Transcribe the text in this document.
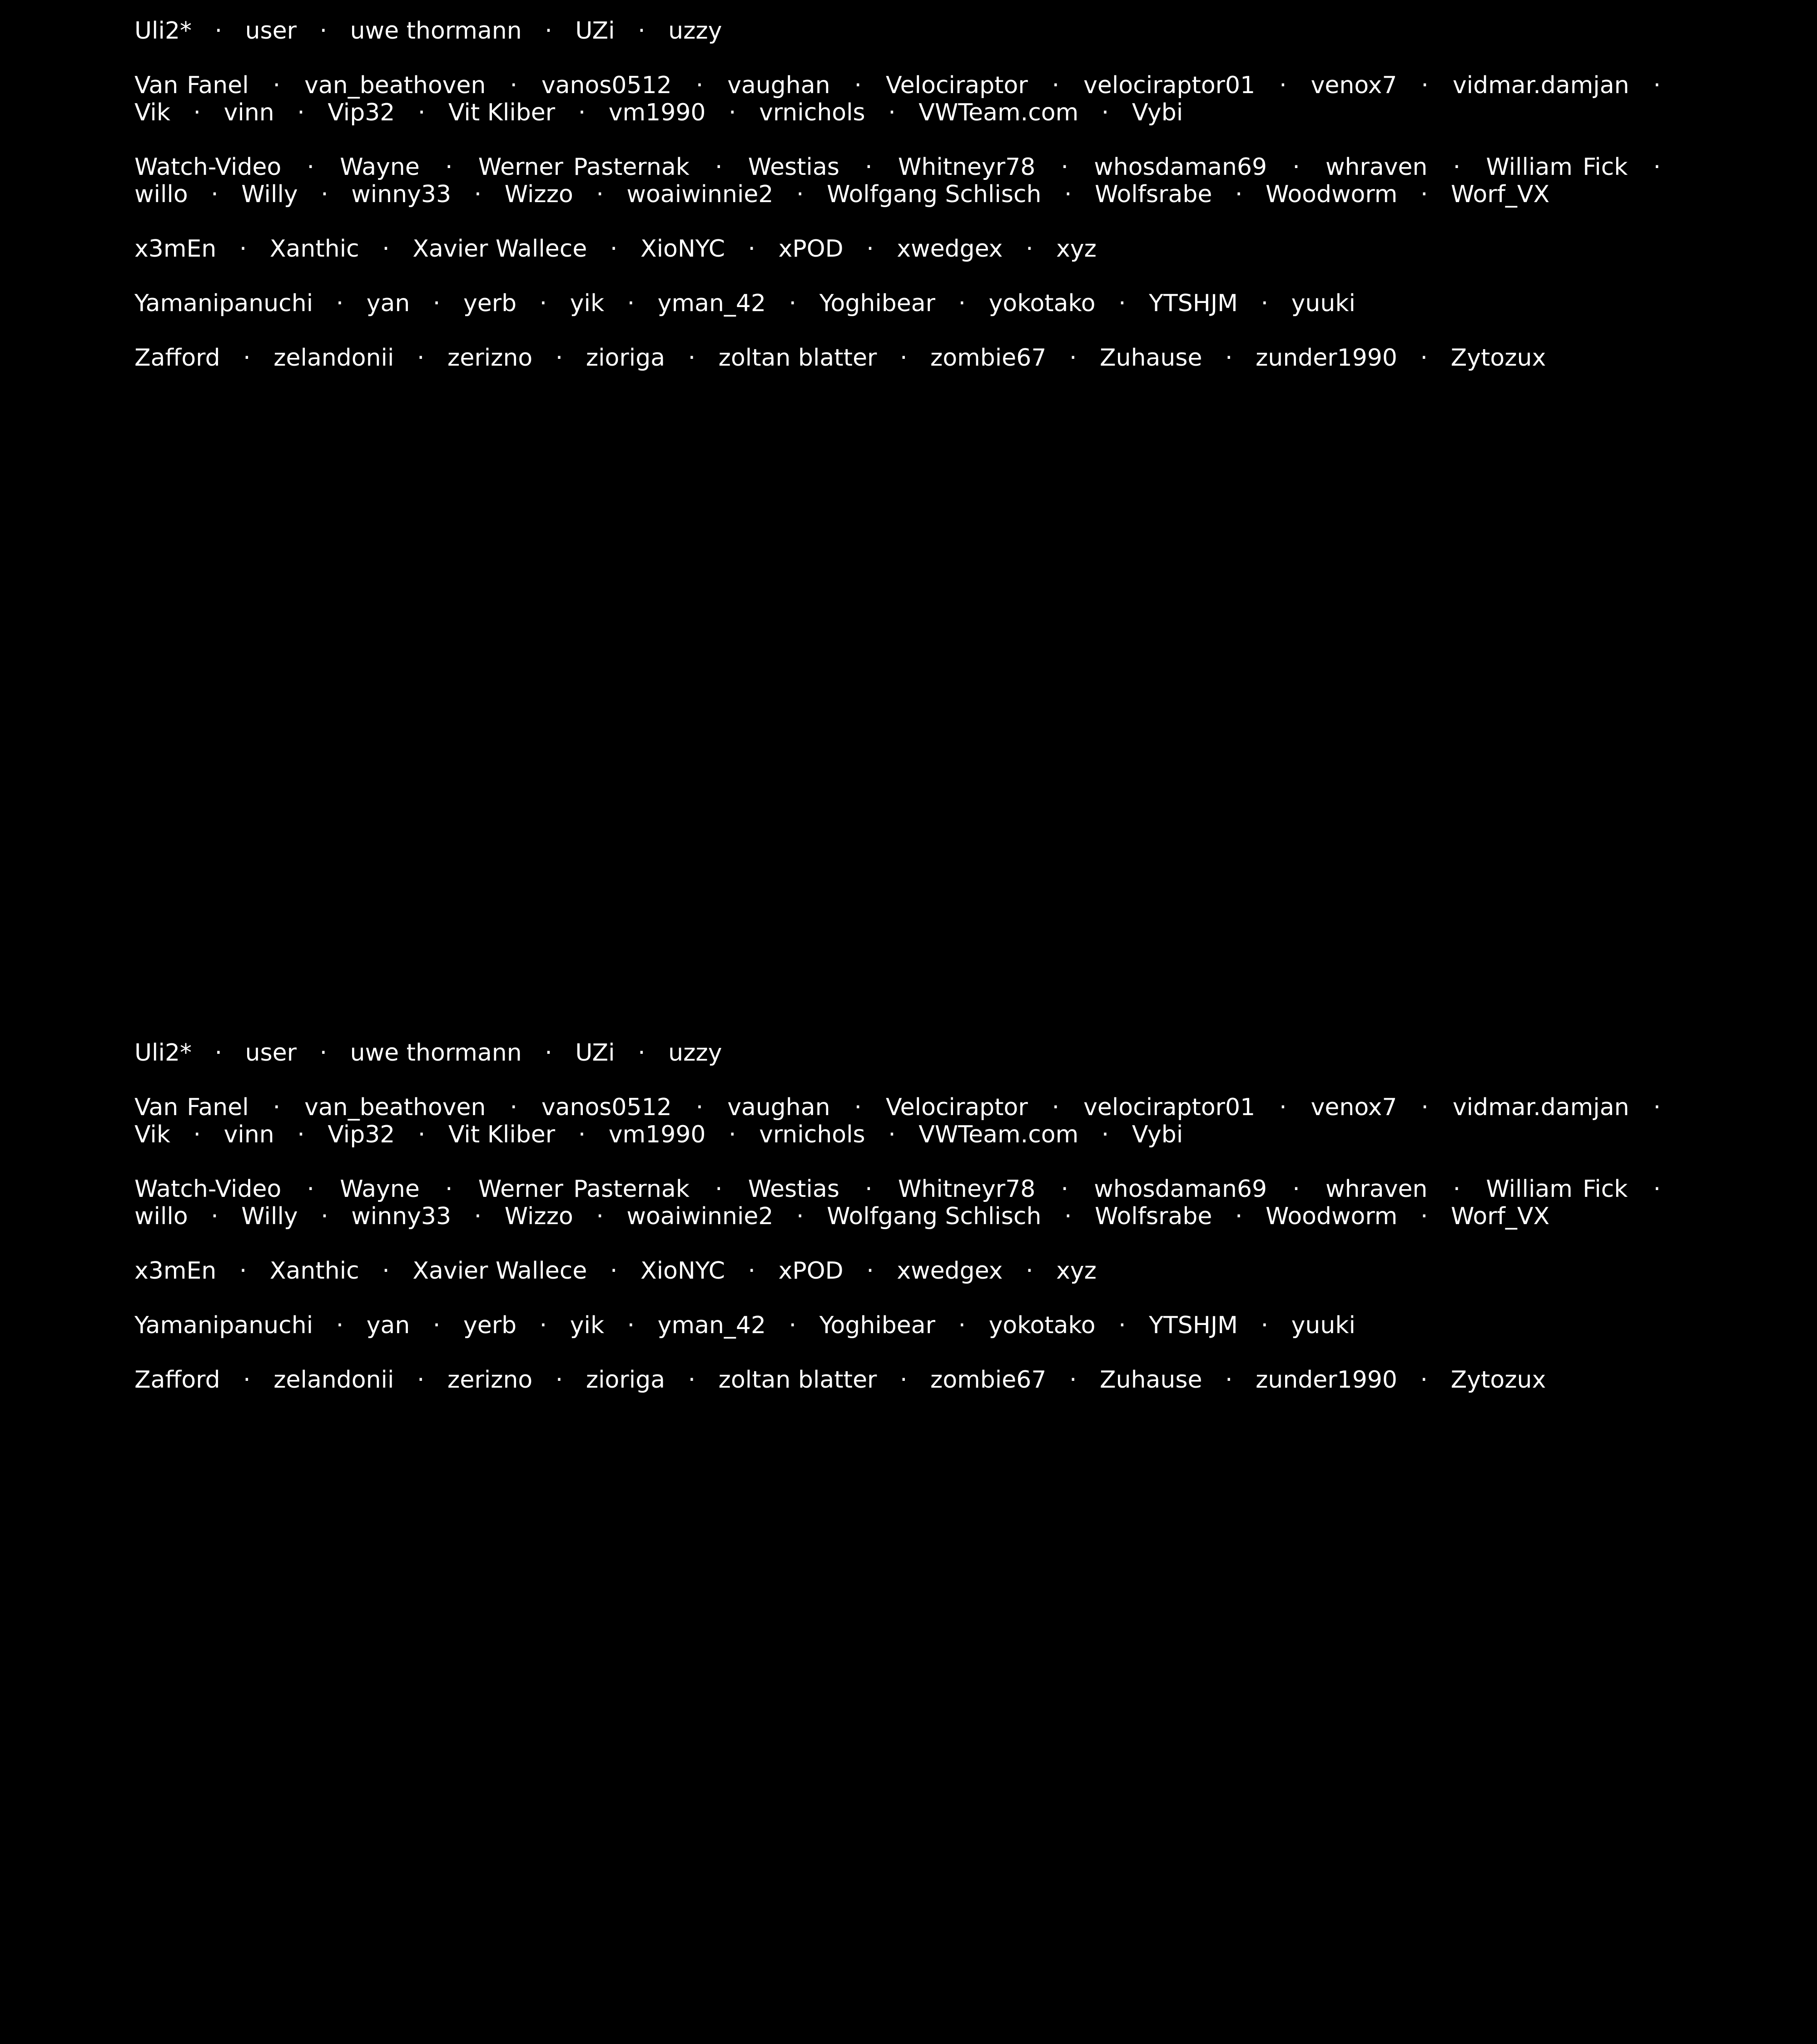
Uli2* · user · uwe thormann · UZi · uzzy
Van Fanel · van_beathoven · vanos0512 · vaughan · Velociraptor · velociraptor01 · venox7 · vidmar.damjan · Vik · vinn · Vip32 · Vit Kliber · vm1990 · vrnichols · VWTeam.com · Vybi
Watch-Video · Wayne · Werner Pasternak · Westias · Whitneyr78 · whosdaman69 · whraven · William Fick · willo · Willy · winny33 · Wizzo · woaiwinnie2 · Wolfgang Schlisch · Wolfsrabe · Woodworm · Worf_VX
x3mEn · Xanthic · Xavier Wallece · XioNYC · xPOD · xwedgex · xyz
Yamanipanuchi · yan · yerb · yik · yman_42 · Yoghibear · yokotako · YTSHJM · yuuki
Zafford · zelandonii · zerizno · zioriga · zoltan blatter · zombie67 · Zuhause · zunder1990 · Zytozux
Uli2* · user · uwe thormann · UZi · uzzy
Van Fanel · van_beathoven · vanos0512 · vaughan · Velociraptor · velociraptor01 · venox7 · vidmar.damjan · Vik · vinn · Vip32 · Vit Kliber · vm1990 · vrnichols · VWTeam.com · Vybi
Watch-Video · Wayne · Werner Pasternak · Westias · Whitneyr78 · whosdaman69 · whraven · William Fick · willo · Willy · winny33 · Wizzo · woaiwinnie2 · Wolfgang Schlisch · Wolfsrabe · Woodworm · Worf_VX
x3mEn · Xanthic · Xavier Wallece · XioNYC · xPOD · xwedgex · xyz
Yamanipanuchi · yan · yerb · yik · yman_42 · Yoghibear · yokotako · YTSHJM · yuuki
Zafford · zelandonii · zerizno · zioriga · zoltan blatter · zombie67 · Zuhause · zunder1990 · Zytozux
